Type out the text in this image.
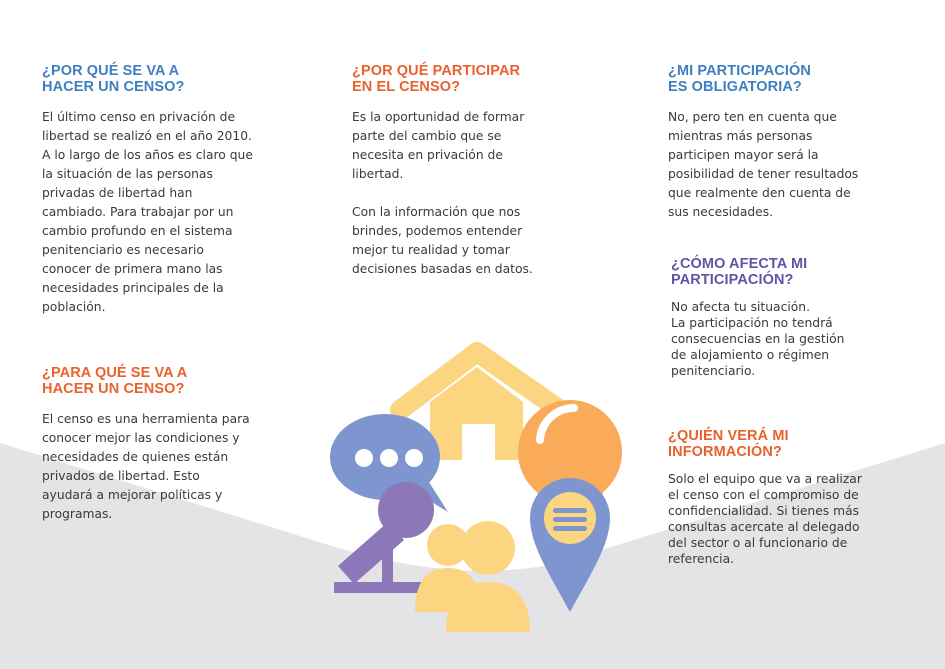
¿POR QUÉ SE VA A
HACER UN CENSO?

El último censo en privación de
libertad se realizó en el año 2010.
A lo largo de los años es claro que
la situación de las personas
privadas de libertad han
cambiado. Para trabajar por un
cambio profundo en el sistema
penitenciario es necesario
conocer de primera mano las
necesidades principales de la
población.

¿PARA QUÉ SE VA A
HACER UN CENSO?

El censo es una herramienta para
conocer mejor las condiciones y
necesidades de quienes están
privados de libertad. Esto
ayudará a mejorar políticas y
programas.

¿POR QUÉ PARTICIPAR
EN EL CENSO?

Es la oportunidad de formar
parte del cambio que se
necesita en privación de
libertad.

Con la información que nos
brindes, podemos entender
mejor tu realidad y tomar
decisiones basadas en datos.

¿MI PARTICIPACIÓN
ES OBLIGATORIA?

No, pero ten en cuenta que
mientras más personas
participen mayor será la
posibilidad de tener resultados
que realmente den cuenta de
sus necesidades.

¿CÓMO AFECTA MI
PARTICIPACIÓN?

No afecta tu situación.
La participación no tendrá
consecuencias en la gestión
de alojamiento o régimen
penitenciario.

¿QUIÉN VERÁ MI
INFORMACIÓN?

Solo el equipo que va a realizar
el censo con el compromiso de
confidencialidad. Si tienes más
consultas acercate al delegado
del sector o al funcionario de
referencia.
